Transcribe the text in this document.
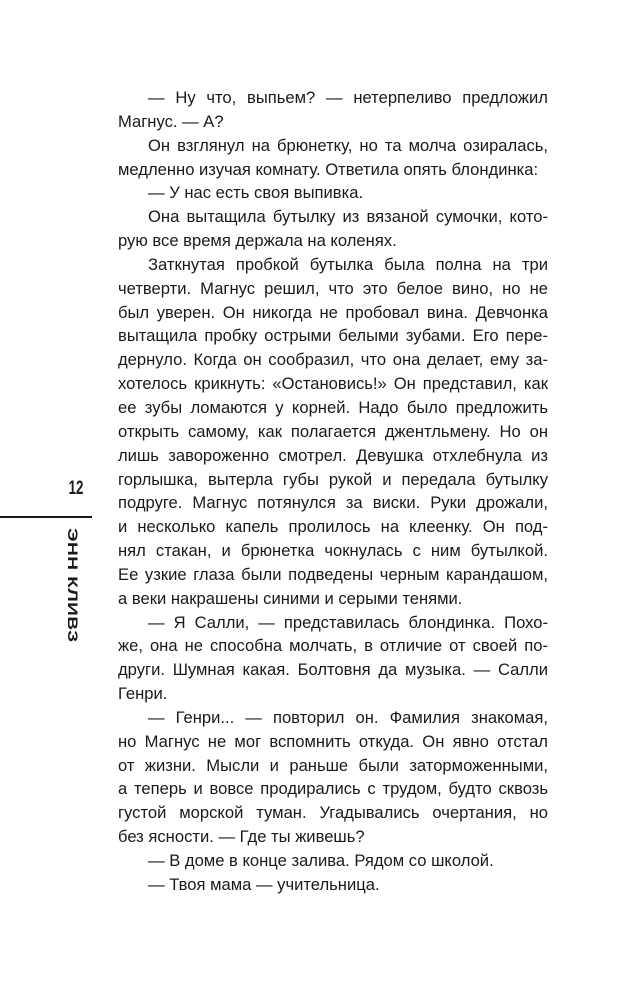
12
ЭНН КЛИВЗ
— Ну что, выпьем? — нетерпеливо предложил
Магнус. — А?
Он взглянул на брюнетку, но та молча озиралась,
медленно изучая комнату. Ответила опять блондинка:
— У нас есть своя выпивка.
Она вытащила бутылку из вязаной сумочки, кото-
рую все время держала на коленях.
Заткнутая пробкой бутылка была полна на три
четверти. Магнус решил, что это белое вино, но не
был уверен. Он никогда не пробовал вина. Девчонка
вытащила пробку острыми белыми зубами. Его пере-
дернуло. Когда он сообразил, что она делает, ему за-
хотелось крикнуть: «Остановись!» Он представил, как
ее зубы ломаются у корней. Надо было предложить
открыть самому, как полагается джентльмену. Но он
лишь завороженно смотрел. Девушка отхлебнула из
горлышка, вытерла губы рукой и передала бутылку
подруге. Магнус потянулся за виски. Руки дрожали,
и несколько капель пролилось на клеенку. Он под-
нял стакан, и брюнетка чокнулась с ним бутылкой.
Ее узкие глаза были подведены черным карандашом,
а веки накрашены синими и серыми тенями.
— Я Салли, — представилась блондинка. Похо-
же, она не способна молчать, в отличие от своей по-
други. Шумная какая. Болтовня да музыка. — Салли
Генри.
— Генри... — повторил он. Фамилия знакомая,
но Магнус не мог вспомнить откуда. Он явно отстал
от жизни. Мысли и раньше были заторможенными,
а теперь и вовсе продирались с трудом, будто сквозь
густой морской туман. Угадывались очертания, но
без ясности. — Где ты живешь?
— В доме в конце залива. Рядом со школой.
— Твоя мама — учительница.
